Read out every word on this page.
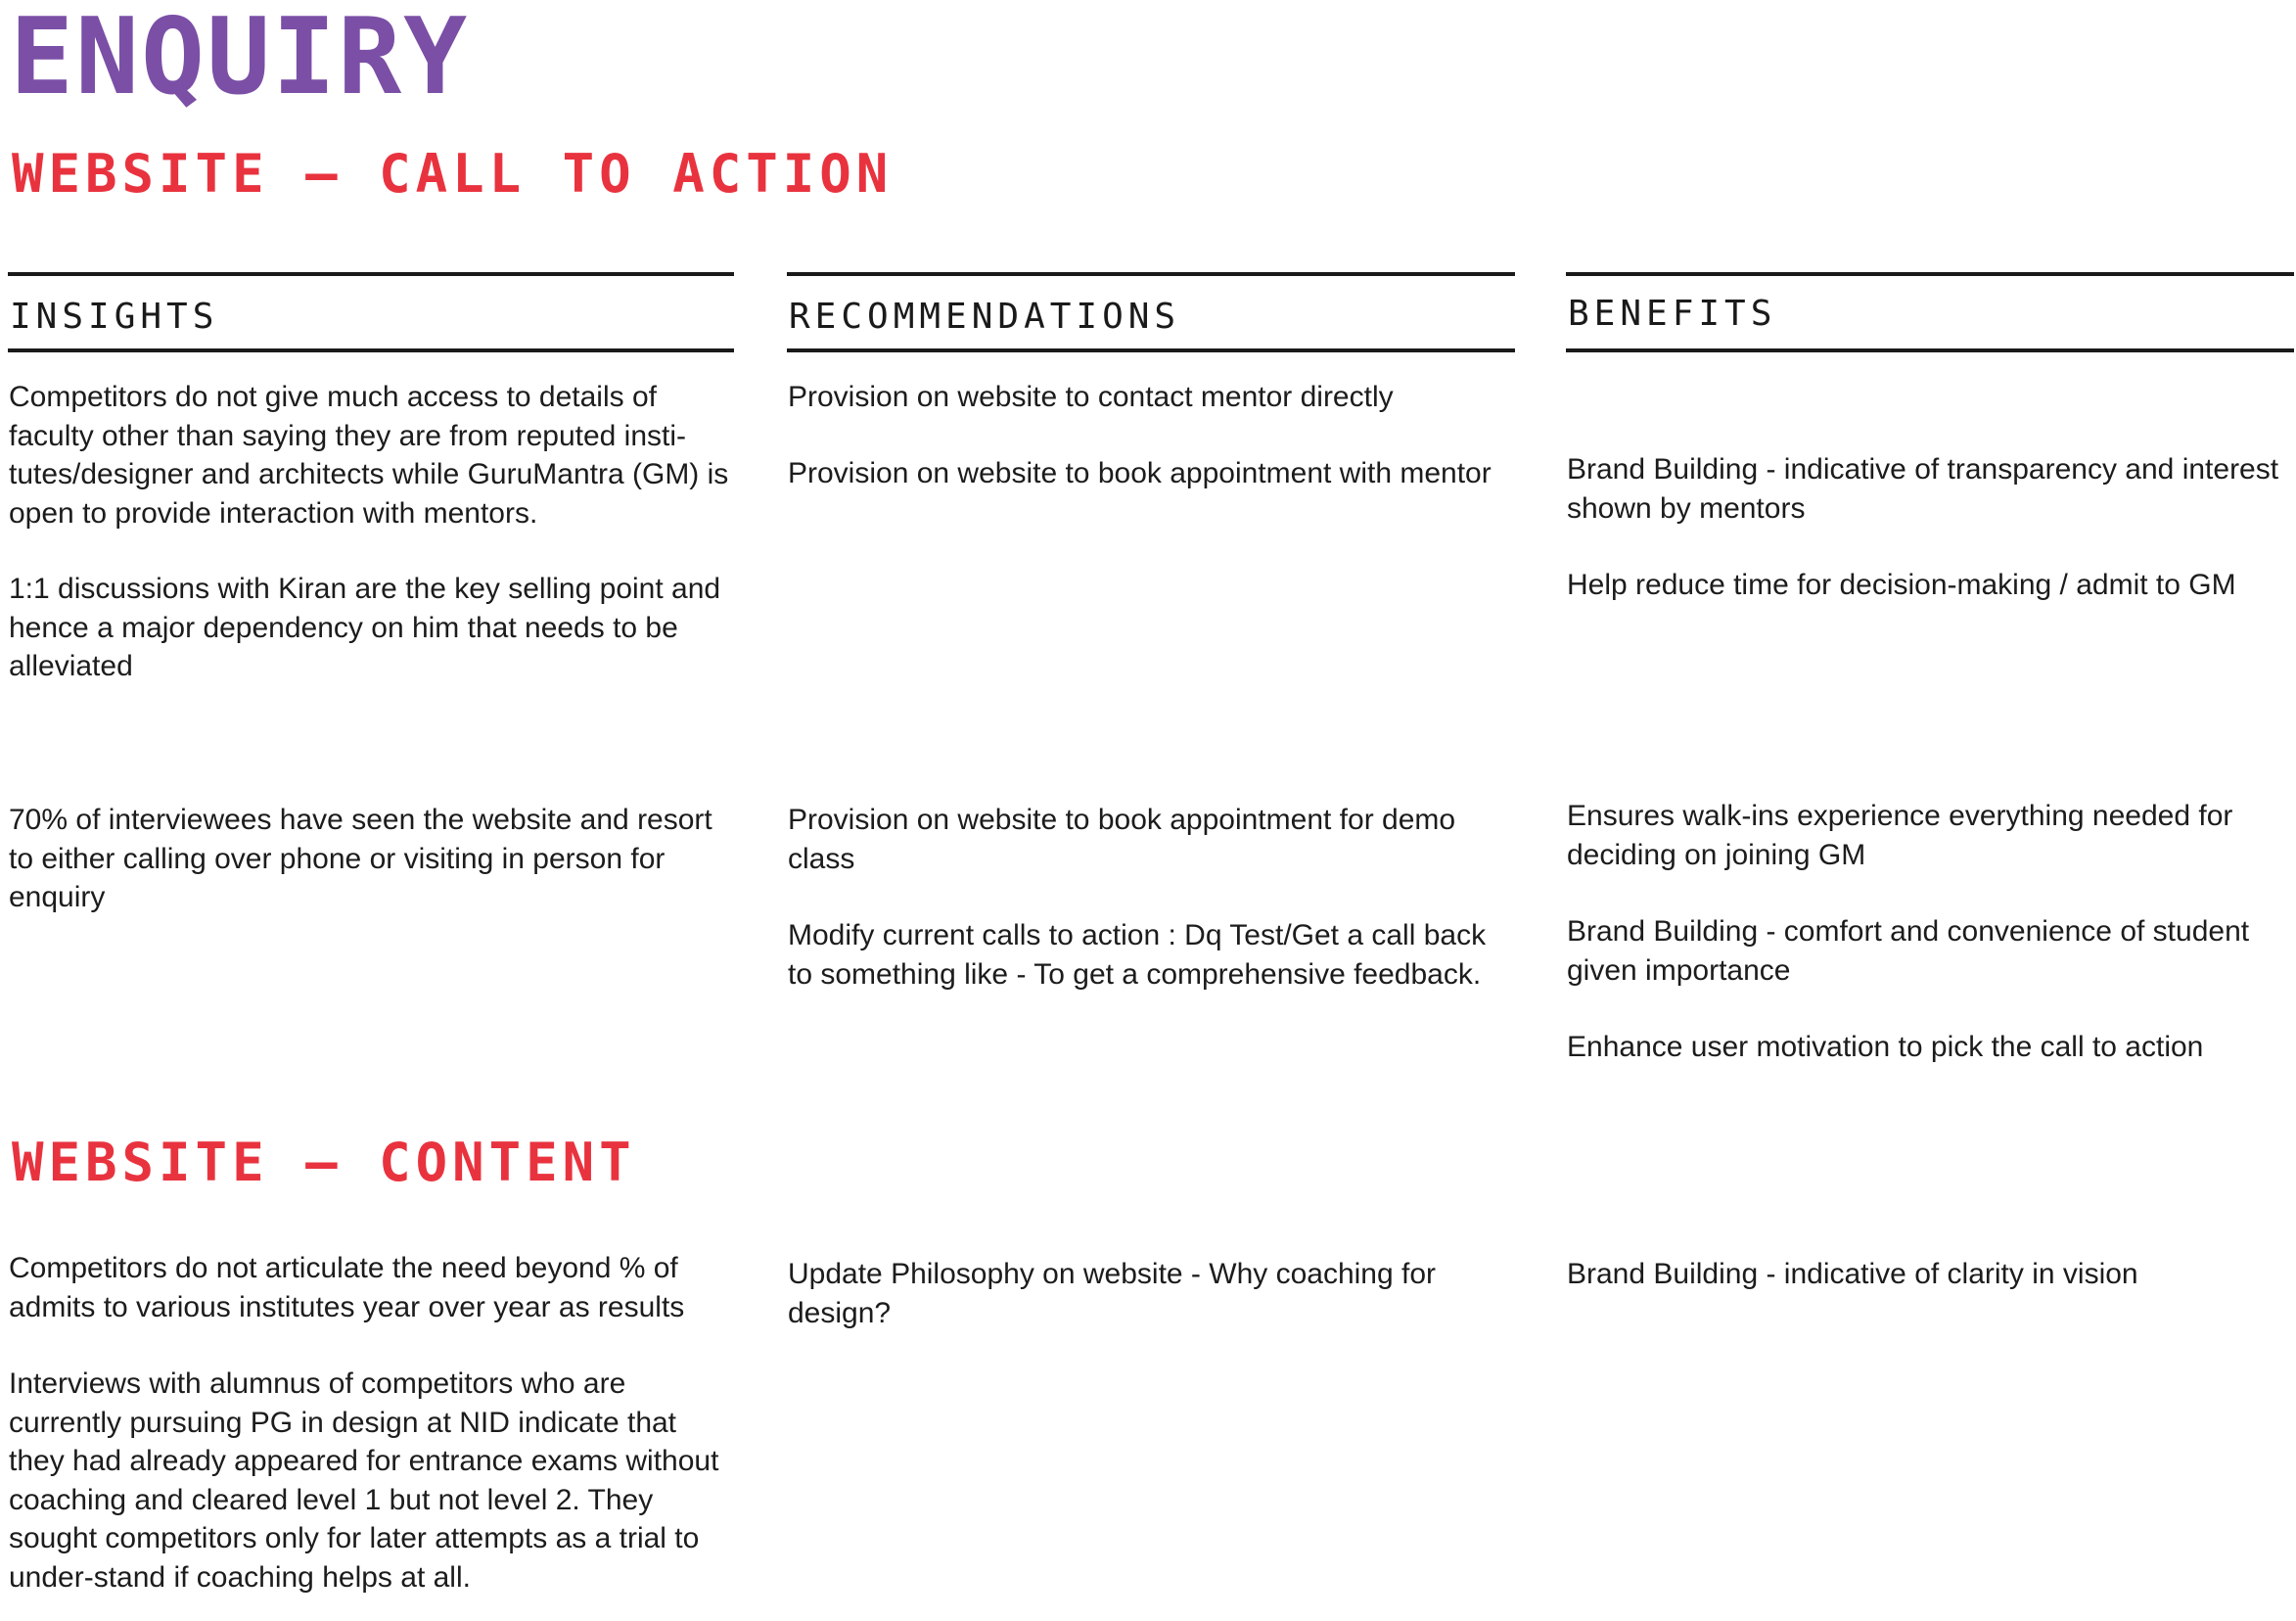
ENQUIRY
WEBSITE – CALL TO ACTION
INSIGHTS	RECOMMENDATIONS	BENEFITS

Competitors do not give much access to details of faculty other than saying they are from reputed insti-tutes/designer and architects while GuruMantra (GM) is open to provide interaction with mentors.

1:1 discussions with Kiran are the key selling point and hence a major dependency on him that needs to be alleviated

70% of interviewees have seen the website and resort to either calling over phone or visiting in person for enquiry

Provision on website to contact mentor directly

Provision on website to book appointment with mentor

Provision on website to book appointment for demo class

Modify current calls to action : Dq Test/Get a call back to something like - To get a comprehensive feedback.

Brand Building - indicative of transparency and interest shown by mentors

Help reduce time for decision-making / admit to GM

Ensures walk-ins experience everything needed for deciding on joining GM

Brand Building - comfort and convenience of student given importance

Enhance user motivation to pick the call to action

WEBSITE – CONTENT

Competitors do not articulate the need beyond % of admits to various institutes year over year as results

Interviews with alumnus of competitors who are currently pursuing PG in design at NID indicate that they had already appeared for entrance exams without coaching and cleared level 1 but not level 2. They sought competitors only for later attempts as a trial to under-stand if coaching helps at all.

Update Philosophy on website - Why coaching for design?

Brand Building - indicative of clarity in vision
